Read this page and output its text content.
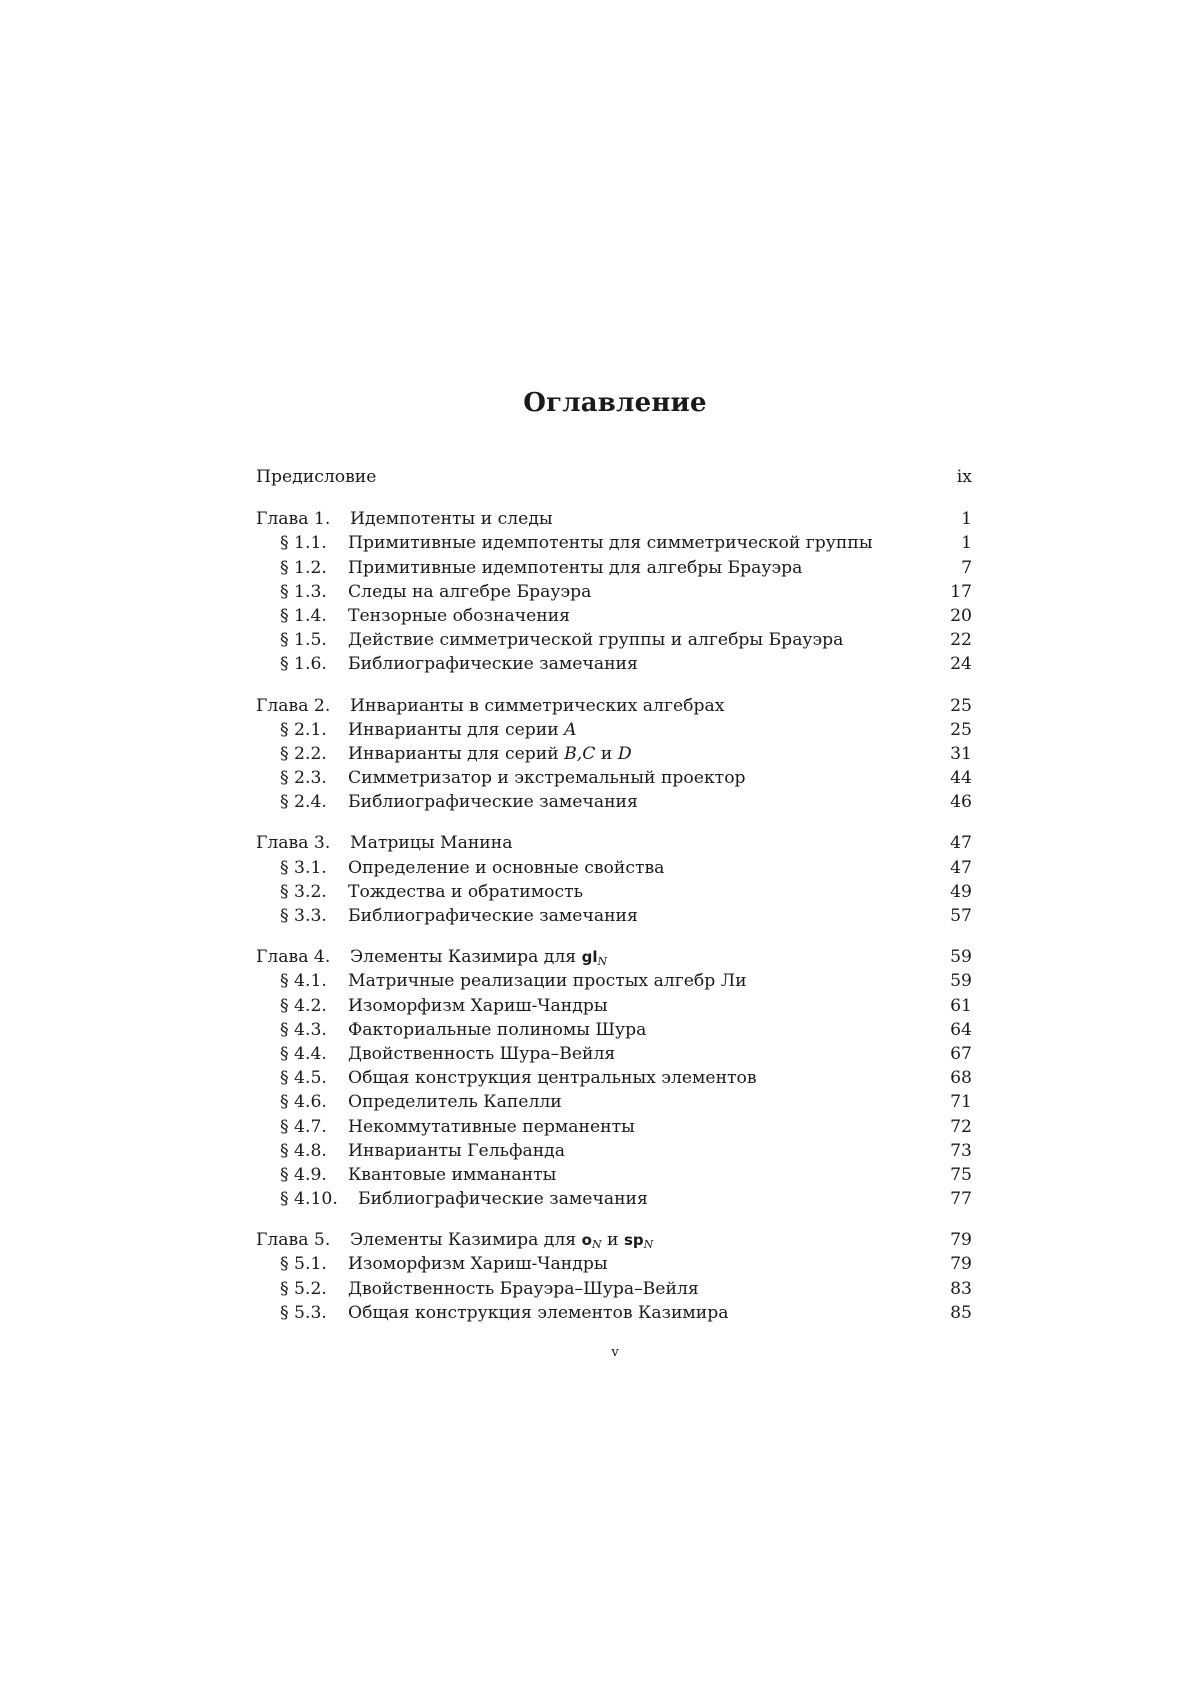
Оглавление
Предисловие	ix
Глава 1. Идемпотенты и следы	1
§ 1.1. Примитивные идемпотенты для симметрической группы	1
§ 1.2. Примитивные идемпотенты для алгебры Брауэра	7
§ 1.3. Следы на алгебре Брауэра	17
§ 1.4. Тензорные обозначения	20
§ 1.5. Действие симметрической группы и алгебры Брауэра	22
§ 1.6. Библиографические замечания	24
Глава 2. Инварианты в симметрических алгебрах	25
§ 2.1. Инварианты для серии A	25
§ 2.2. Инварианты для серий B,C и D	31
§ 2.3. Симметризатор и экстремальный проектор	44
§ 2.4. Библиографические замечания	46
Глава 3. Матрицы Манина	47
§ 3.1. Определение и основные свойства	47
§ 3.2. Тождества и обратимость	49
§ 3.3. Библиографические замечания	57
Глава 4. Элементы Казимира для glN	59
§ 4.1. Матричные реализации простых алгебр Ли	59
§ 4.2. Изоморфизм Хариш-Чандры	61
§ 4.3. Факториальные полиномы Шура	64
§ 4.4. Двойственность Шура–Вейля	67
§ 4.5. Общая конструкция центральных элементов	68
§ 4.6. Определитель Капелли	71
§ 4.7. Некоммутативные перманенты	72
§ 4.8. Инварианты Гельфанда	73
§ 4.9. Квантовые иммананты	75
§ 4.10. Библиографические замечания	77
Глава 5. Элементы Казимира для oN и spN	79
§ 5.1. Изоморфизм Хариш-Чандры	79
§ 5.2. Двойственность Брауэра–Шура–Вейля	83
§ 5.3. Общая конструкция элементов Казимира	85
v
